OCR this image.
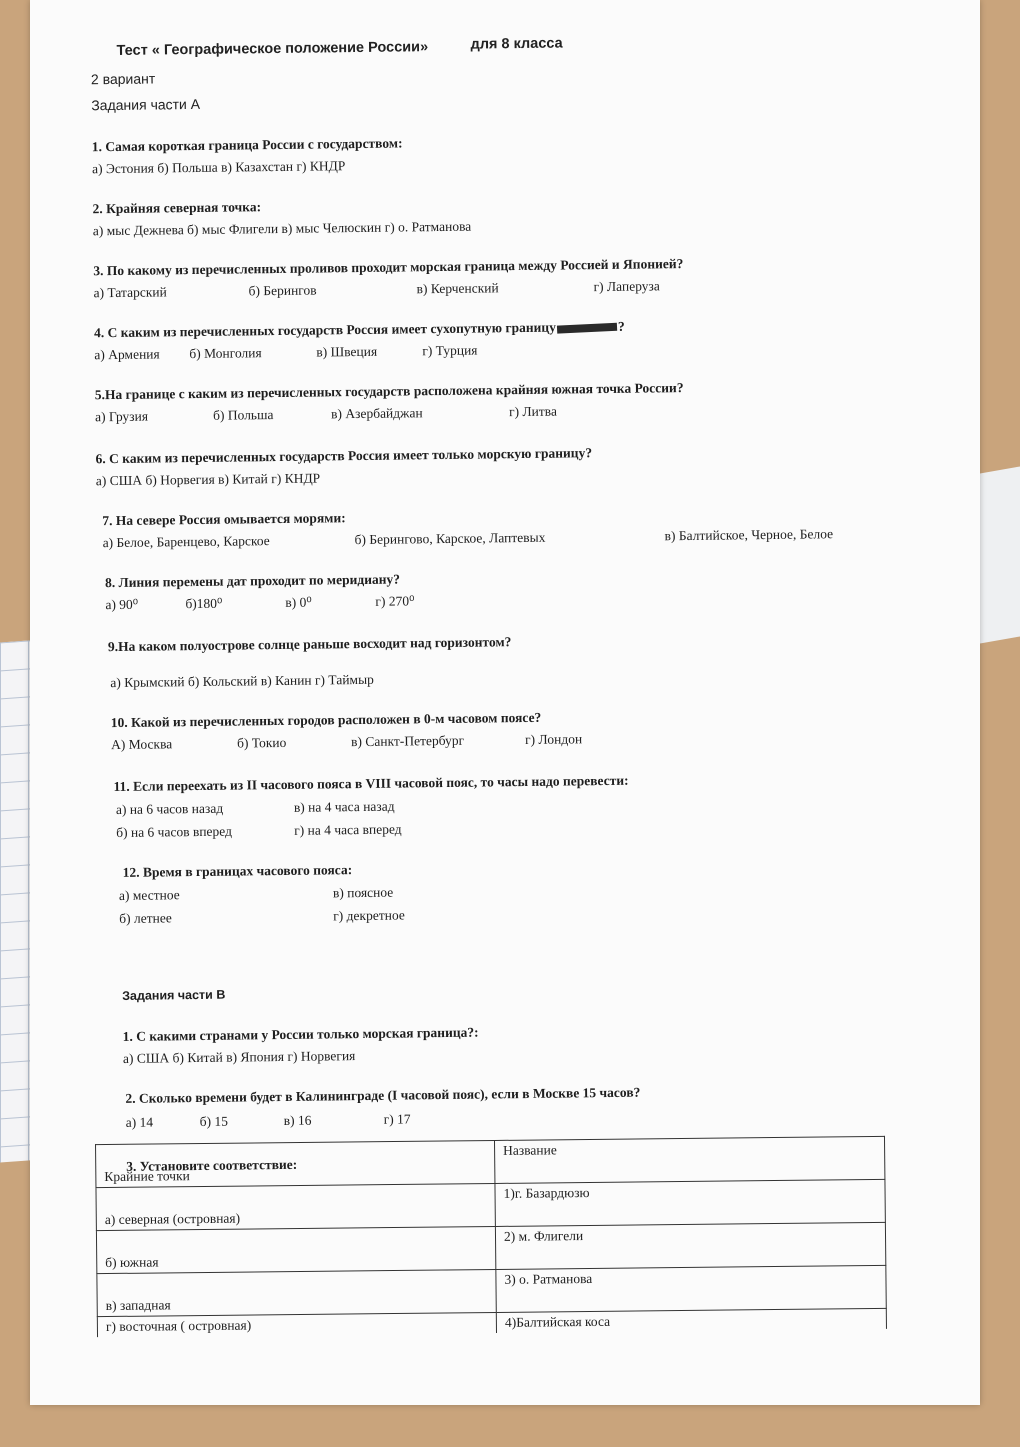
Тест « Географическое положение России»	для 8 класса
2 вариант
Задания части А
1. Самая короткая граница России с государством:
а) Эстония б) Польша в) Казахстан г) КНДР
2. Крайняя северная точка:
а) мыс Дежнева б) мыс Флигели в) мыс Челюскин г) о. Ратманова
3. По какому из перечисленных проливов проходит морская граница между Россией и Японией?
а) Татарский	б) Берингов	в) Керченский	г) Лаперуза
4. С каким из перечисленных государств Россия имеет сухопутную границу	?
а) Армения б) Монголия	в) Швеция	г) Турция
5.На границе с каким из перечисленных государств расположена крайняя южная точка России?
а) Грузия	б) Польша	в) Азербайджан	г) Литва
6. С каким из перечисленных государств Россия имеет только морскую границу?
а) США б) Норвегия в) Китай г) КНДР
7. На севере Россия омывается морями:
а) Белое, Баренцево, Карское	б) Берингово, Карское, Лаптевых	в) Балтийское, Черное, Белое
8. Линия перемены дат проходит по меридиану?
а) 90⁰	б)180⁰	в) 0⁰	г) 270⁰
9.На каком полуострове солнце раньше восходит над горизонтом?
а) Крымский б) Кольский в) Канин г) Таймыр
10. Какой из перечисленных городов расположен в 0-м часовом поясе?
А) Москва	б) Токио	в) Санкт-Петербург	г) Лондон
11. Если переехать из II часового пояса в VIII часовой пояс, то часы надо перевести:
а) на 6 часов назад	в) на 4 часа назад
б) на 6 часов вперед	г) на 4 часа вперед
12. Время в границах часового пояса:
а) местное	в) поясное
б) летнее	г) декретное
Задания части В
1. С какими странами у России только морская граница?:
а) США б) Китай в) Япония г) Норвегия
2. Сколько времени будет в Калининграде (I часовой пояс), если в Москве 15 часов?
а) 14	б) 15	в) 16	г) 17
3. Установите соответствие:
Крайние точки	Название
а) северная (островная)	1)г. Базардюзю
б) южная	2) м. Флигели
в) западная	3) о. Ратманова
г) восточная ( островная)	4)Балтийская коса
